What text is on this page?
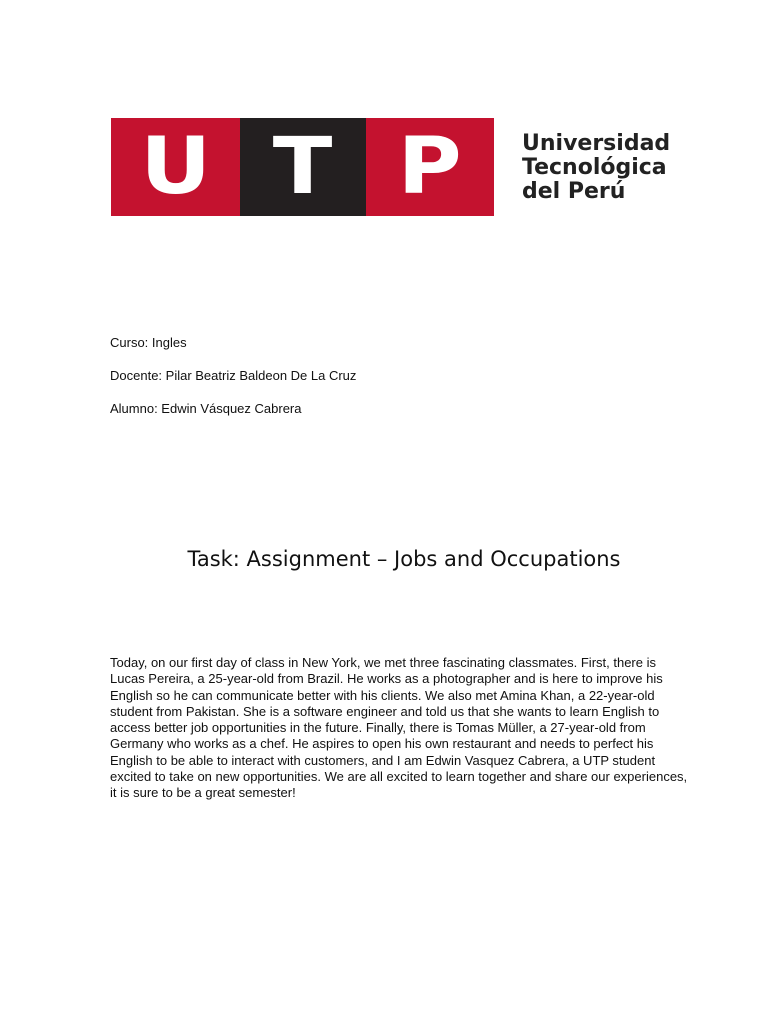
U T P	Universidad
Tecnológica
del Perú
Curso: Ingles
Docente: Pilar Beatriz Baldeon De La Cruz
Alumno: Edwin Vásquez Cabrera
Task: Assignment – Jobs and Occupations

Today, on our first day of class in New York, we met three fascinating classmates. First, there is Lucas Pereira, a 25-year-old from Brazil. He works as a photographer and is here to improve his English so he can communicate better with his clients. We also met Amina Khan, a 22-year-old student from Pakistan. She is a software engineer and told us that she wants to learn English to access better job opportunities in the future. Finally, there is Tomas Müller, a 27-year-old from Germany who works as a chef. He aspires to open his own restaurant and needs to perfect his English to be able to interact with customers, and I am Edwin Vasquez Cabrera, a UTP student excited to take on new opportunities. We are all excited to learn together and share our experiences, it is sure to be a great semester!
